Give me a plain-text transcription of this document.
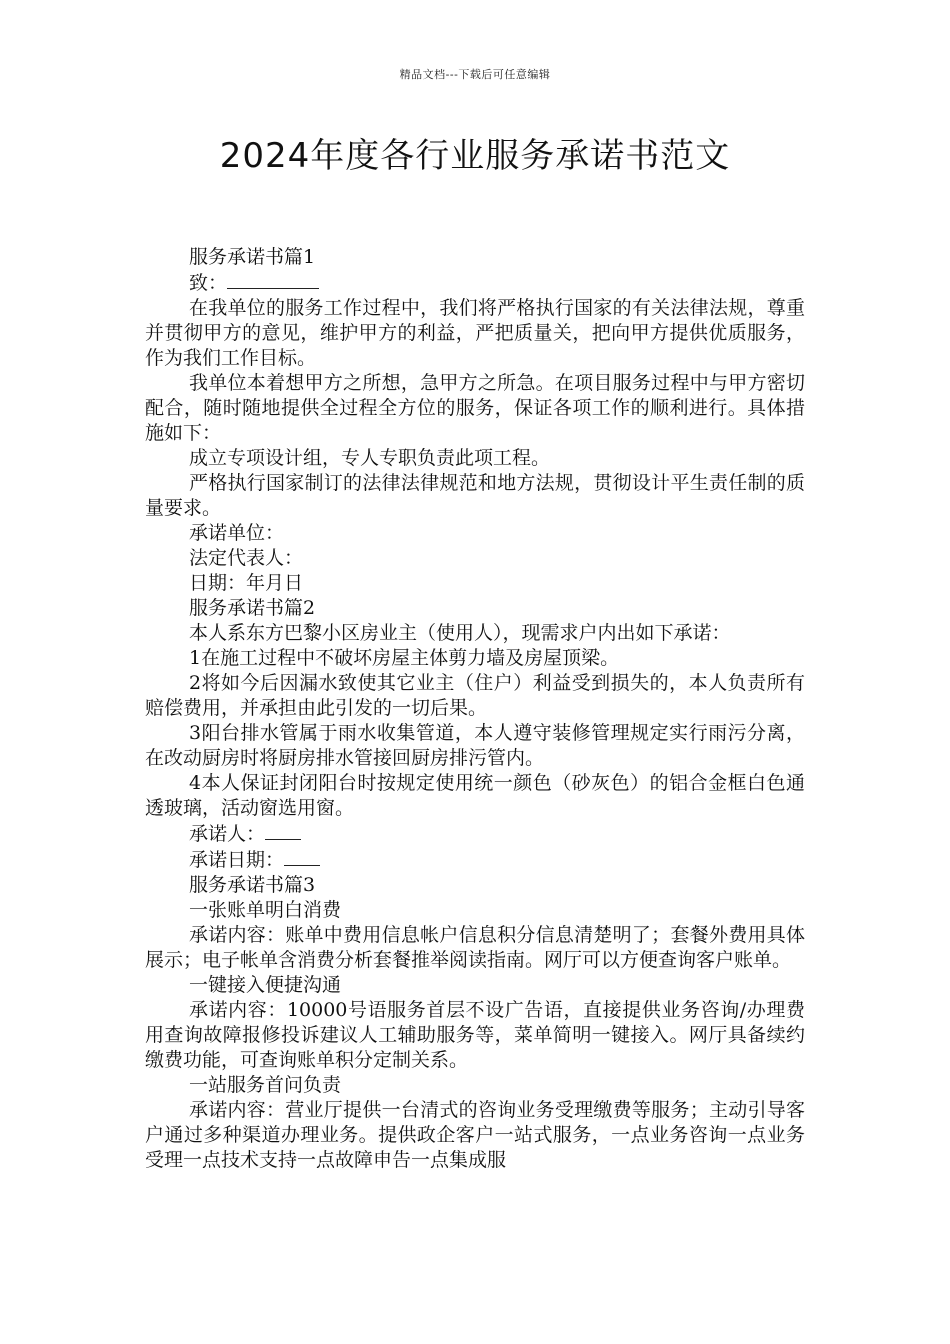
精品文档---下载后可任意编辑
2024年度各行业服务承诺书范文

服务承诺书篇1

致：

在我单位的服务工作过程中，我们将严格执行国家的有关法律法规，尊重并贯彻甲方的意见，维护甲方的利益，严把质量关，把向甲方提供优质服务，作为我们工作目标。

我单位本着想甲方之所想，急甲方之所急。在项目服务过程中与甲方密切配合，随时随地提供全过程全方位的服务，保证各项工作的顺利进行。具体措施如下：

成立专项设计组，专人专职负责此项工程。

严格执行国家制订的法律法律规范和地方法规，贯彻设计平生责任制的质量要求。

承诺单位：

法定代表人：

日期：年月日

服务承诺书篇2

本人系东方巴黎小区房业主（使用人），现需求户内出如下承诺：

1在施工过程中不破坏房屋主体剪力墙及房屋顶梁。

2将如今后因漏水致使其它业主（住户）利益受到损失的，本人负责所有赔偿费用，并承担由此引发的一切后果。

3阳台排水管属于雨水收集管道，本人遵守装修管理规定实行雨污分离，在改动厨房时将厨房排水管接回厨房排污管内。

4本人保证封闭阳台时按规定使用统一颜色（砂灰色）的铝合金框白色通透玻璃，活动窗选用窗。

承诺人：

承诺日期：

服务承诺书篇3

一张账单明白消费

承诺内容：账单中费用信息帐户信息积分信息清楚明了；套餐外费用具体展示；电子帐单含消费分析套餐推举阅读指南。网厅可以方便查询客户账单。

一键接入便捷沟通

承诺内容：10000号语服务首层不设广告语，直接提供业务咨询/办理费用查询故障报修投诉建议人工辅助服务等，菜单简明一键接入。网厅具备续约缴费功能，可查询账单积分定制关系。

一站服务首问负责

承诺内容：营业厅提供一台清式的咨询业务受理缴费等服务；主动引导客户通过多种渠道办理业务。提供政企客户一站式服务，一点业务咨询一点业务受理一点技术支持一点故障申告一点集成服
